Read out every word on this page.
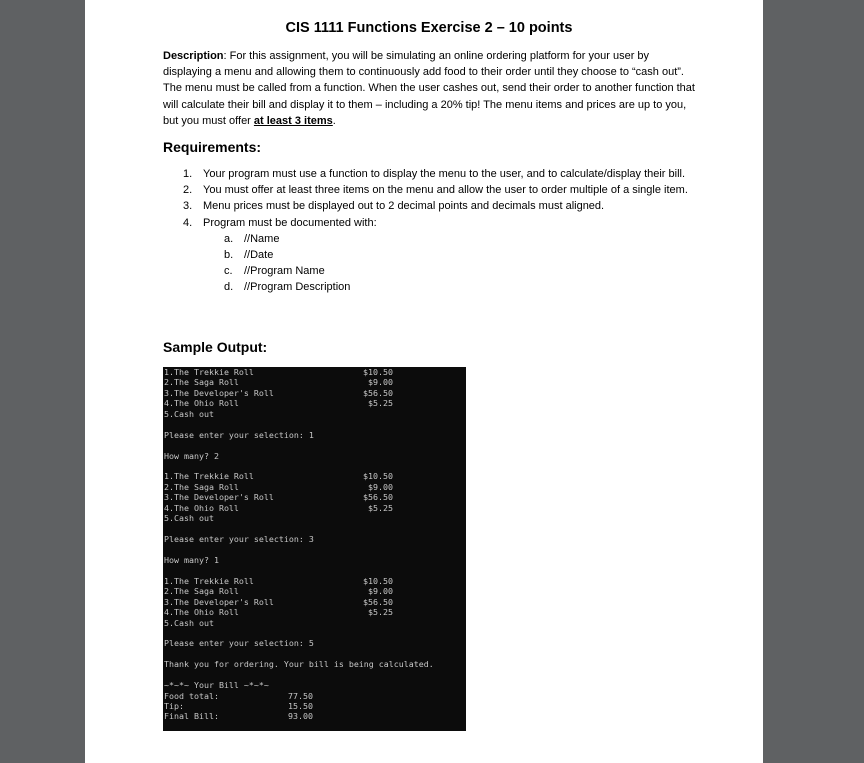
CIS 1111 Functions Exercise 2 – 10 points
Description: For this assignment, you will be simulating an online ordering platform for your user by displaying a menu and allowing them to continuously add food to their order until they choose to “cash out”. The menu must be called from a function. When the user cashes out, send their order to another function that will calculate their bill and display it to them – including a 20% tip! The menu items and prices are up to you, but you must offer at least 3 items.
Requirements:
1. Your program must use a function to display the menu to the user, and to calculate/display their bill.
2. You must offer at least three items on the menu and allow the user to order multiple of a single item.
3. Menu prices must be displayed out to 2 decimal points and decimals must aligned.
4. Program must be documented with:
a. //Name
b. //Date
c. //Program Name
d. //Program Description
Sample Output:
1.The Trekkie Roll	$10.50
2.The Saga Roll	$9.00
3.The Developer's Roll	$56.50
4.The Ohio Roll	$5.25
5.Cash out
Please enter your selection: 1
How many? 2
1.The Trekkie Roll	$10.50
2.The Saga Roll	$9.00
3.The Developer's Roll	$56.50
4.The Ohio Roll	$5.25
5.Cash out
Please enter your selection: 3
How many? 1
1.The Trekkie Roll	$10.50
2.The Saga Roll	$9.00
3.The Developer's Roll	$56.50
4.The Ohio Roll	$5.25
5.Cash out
Please enter your selection: 5
Thank you for ordering. Your bill is being calculated.
~*~*~ Your Bill ~*~*~
Food total:	77.50
Tip:	15.50
Final Bill:	93.00
